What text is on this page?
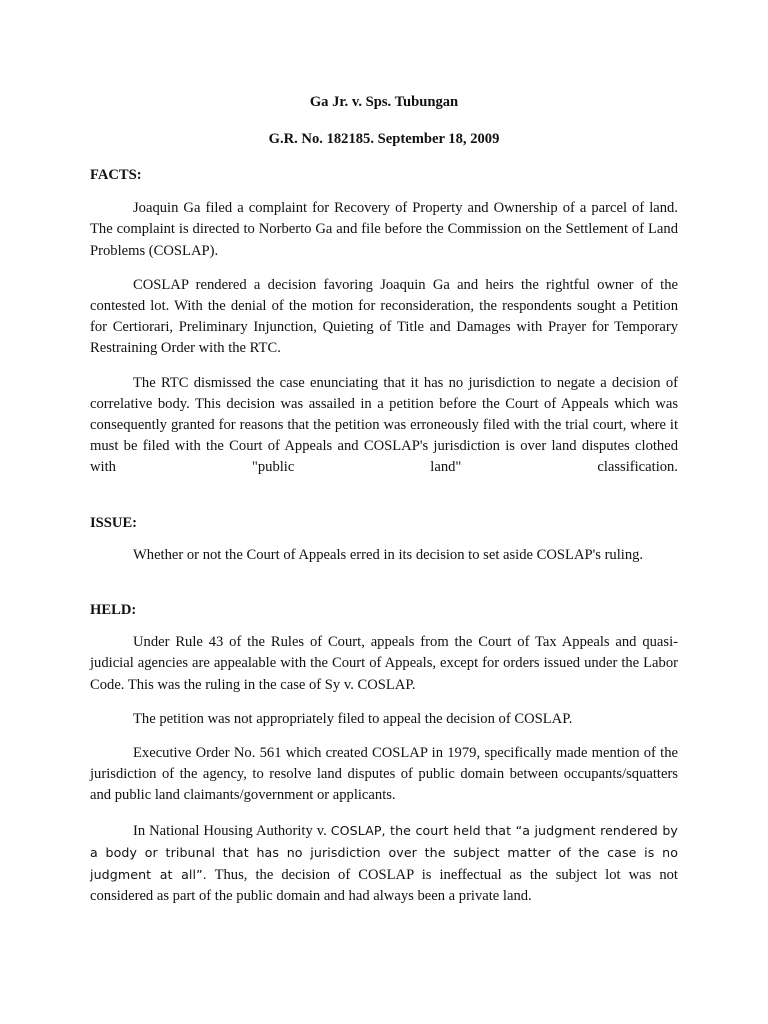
Ga Jr. v. Sps. Tubungan

G.R. No. 182185. September 18, 2009

FACTS:

Joaquin Ga filed a complaint for Recovery of Property and Ownership of a parcel of land. The complaint is directed to Norberto Ga and file before the Commission on the Settlement of Land Problems (COSLAP).

COSLAP rendered a decision favoring Joaquin Ga and heirs the rightful owner of the contested lot. With the denial of the motion for reconsideration, the respondents sought a Petition for Certiorari, Preliminary Injunction, Quieting of Title and Damages with Prayer for Temporary Restraining Order with the RTC.

The RTC dismissed the case enunciating that it has no jurisdiction to negate a decision of correlative body. This decision was assailed in a petition before the Court of Appeals which was consequently granted for reasons that the petition was erroneously filed with the trial court, where it must be filed with the Court of Appeals and COSLAP's jurisdiction is over land disputes clothed with "public land" classification.

ISSUE:

Whether or not the Court of Appeals erred in its decision to set aside COSLAP's ruling.

HELD:

Under Rule 43 of the Rules of Court, appeals from the Court of Tax Appeals and quasi-judicial agencies are appealable with the Court of Appeals, except for orders issued under the Labor Code. This was the ruling in the case of Sy v. COSLAP.

The petition was not appropriately filed to appeal the decision of COSLAP.

Executive Order No. 561 which created COSLAP in 1979, specifically made mention of the jurisdiction of the agency, to resolve land disputes of public domain between occupants/squatters and public land claimants/government or applicants.

In National Housing Authority v. COSLAP, the court held that “a judgment rendered by a body or tribunal that has no jurisdiction over the subject matter of the case is no judgment at all”. Thus, the decision of COSLAP is ineffectual as the subject lot was not considered as part of the public domain and had always been a private land.
